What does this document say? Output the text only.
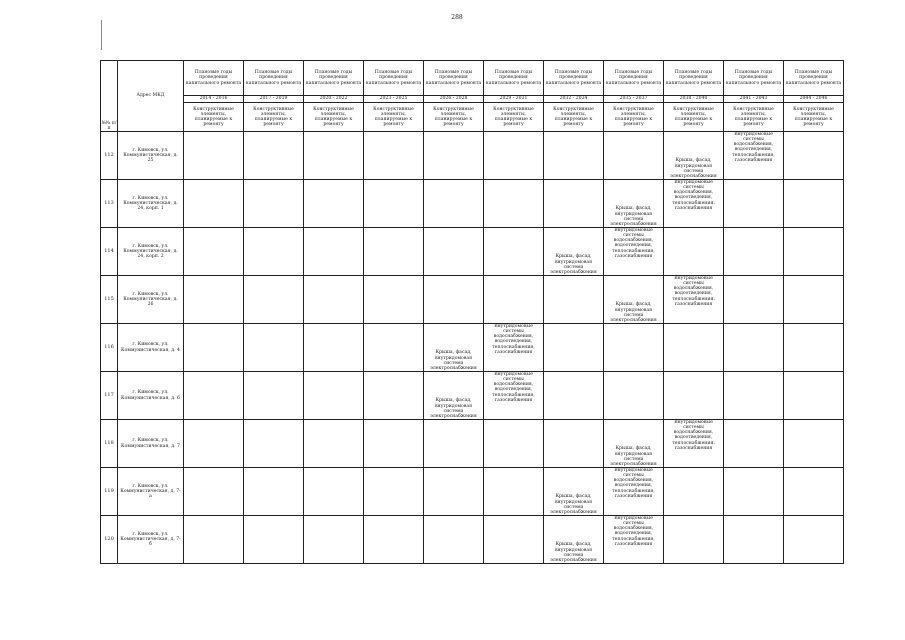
288
№№ п/п	Адрес МКД	Плановые годы проведения капитального ремонта	Плановые годы проведения капитального ремонта	Плановые годы проведения капитального ремонта	Плановые годы проведения капитального ремонта	Плановые годы проведения капитального ремонта	Плановые годы проведения капитального ремонта	Плановые годы проведения капитального ремонта	Плановые годы проведения капитального ремонта	Плановые годы проведения капитального ремонта	Плановые годы проведения капитального ремонта	Плановые годы проведения капитального ремонта
		2014 - 2016	2017 - 2019	2020 - 2022	2023 - 2025	2026 - 2028	2029 - 2031	2032 - 2034	2035 - 2037	2038 - 2040	2041 - 2043	2044 - 2046
		Конструктивные элементы, планируемые к ремонту	Конструктивные элементы, планируемые к ремонту	Конструктивные элементы, планируемые к ремонту	Конструктивные элементы, планируемые к ремонту	Конструктивные элементы, планируемые к ремонту	Конструктивные элементы, планируемые к ремонту	Конструктивные элементы, планируемые к ремонту	Конструктивные элементы, планируемые к ремонту	Конструктивные элементы, планируемые к ремонту	Конструктивные элементы, планируемые к ремонту	Конструктивные элементы, планируемые к ремонту
112	г. Кимовск, ул. Коммунистическая, д. 25									Крыша, фасад, внутридомовая система электроснабжения	Внутридомовые системы водоснабжения, водоотведения, теплоснабжения, газоснабжения	

113	г. Кимовск, ул. Коммунистическая, д. 24, корп. 1								Крыша, фасад, внутридомовая система электроснабжения	Внутридомовые системы водоснабжения, водоотведения, теплоснабжения, газоснабжения		

114	г. Кимовск, ул. Коммунистическая, д. 24, корп. 2							Крыша, фасад, внутридомовая система электроснабжения	Внутридомовые системы водоснабжения, водоотведения, теплоснабжения, газоснабжения			

115	г. Кимовск, ул. Коммунистическая, д. 26								Крыша, фасад, внутридомовая система электроснабжения	Внутридомовые системы водоснабжения, водоотведения, теплоснабжения, газоснабжения		

116	г. Кимовск, ул. Коммунистическая, д. 4					Крыша, фасад, внутридомовая система электроснабжения	Внутридомовые системы водоснабжения, водоотведения, теплоснабжения, газоснабжения					

117	г. Кимовск, ул. Коммунистическая, д. 6					Крыша, фасад, внутридомовая система электроснабжения	Внутридомовые системы водоснабжения, водоотведения, теплоснабжения, газоснабжения					

118	г. Кимовск, ул. Коммунистическая, д. 7								Крыша, фасад, внутридомовая система электроснабжения	Внутридомовые системы водоснабжения, водоотведения, теплоснабжения, газоснабжения		

119	г. Кимовск, ул. Коммунистическая, д. 7-а							Крыша, фасад, внутридомовая система электроснабжения	Внутридомовые системы водоснабжения, водоотведения, теплоснабжения, газоснабжения			

120	г. Кимовск, ул. Коммунистическая, д. 7-б							Крыша, фасад, внутридомовая система электроснабжения	Внутридомовые системы водоснабжения, водоотведения, теплоснабжения, газоснабжения			
